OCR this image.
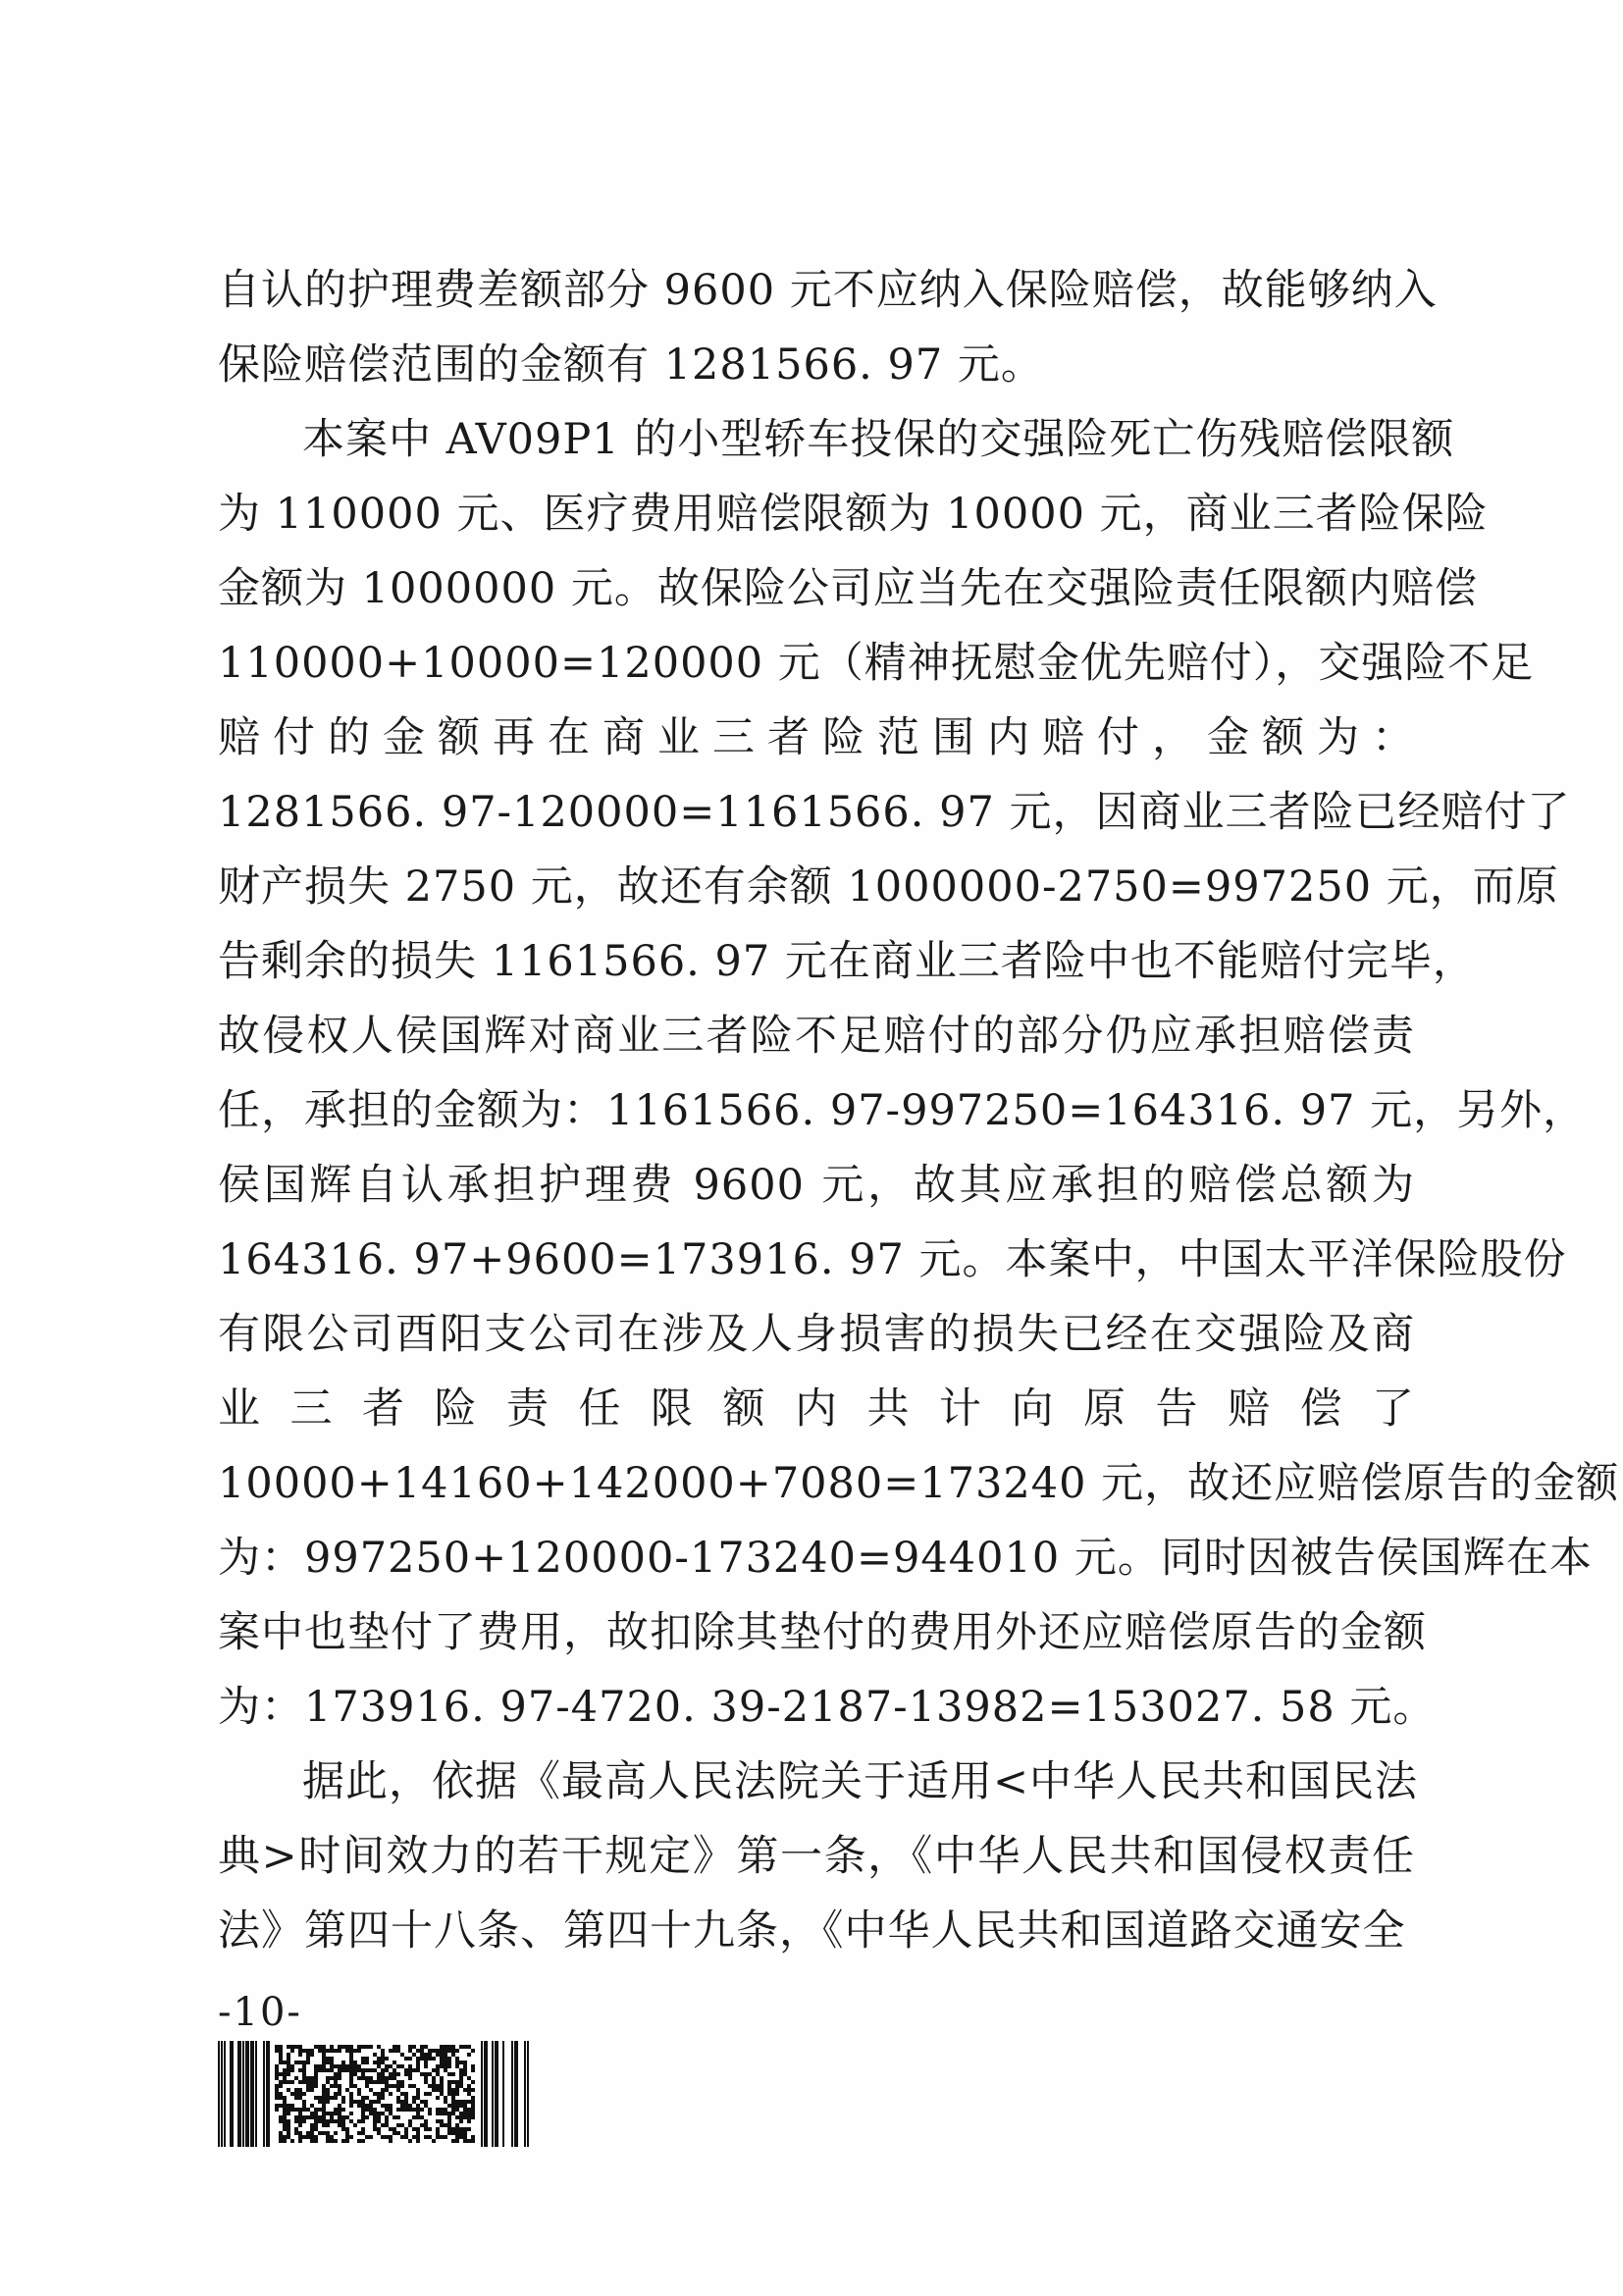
自认的护理费差额部分 9600 元不应纳入保险赔偿，故能够纳入
保险赔偿范围的金额有 1281566. 97 元。
本案中 AV09P1 的小型轿车投保的交强险死亡伤残赔偿限额
为 110000 元、医疗费用赔偿限额为 10000 元，商业三者险保险
金额为 1000000 元。故保险公司应当先在交强险责任限额内赔偿
110000+10000=120000 元（精神抚慰金优先赔付），交强险不足
赔付的金额再在商业三者险范围内赔付，金额为：
1281566. 97-120000=1161566. 97 元，因商业三者险已经赔付了
财产损失 2750 元，故还有余额 1000000-2750=997250 元，而原
告剩余的损失 1161566. 97 元在商业三者险中也不能赔付完毕，
故侵权人侯国辉对商业三者险不足赔付的部分仍应承担赔偿责
任，承担的金额为：1161566. 97-997250=164316. 97 元，另外，
侯国辉自认承担护理费 9600 元，故其应承担的赔偿总额为
164316. 97+9600=173916. 97 元。本案中，中国太平洋保险股份
有限公司酉阳支公司在涉及人身损害的损失已经在交强险及商
业三者险责任限额内共计向原告赔偿了
10000+14160+142000+7080=173240 元，故还应赔偿原告的金额
为：997250+120000-173240=944010 元。同时因被告侯国辉在本
案中也垫付了费用，故扣除其垫付的费用外还应赔偿原告的金额
为：173916. 97-4720. 39-2187-13982=153027. 58 元。
据此，依据《最高人民法院关于适用<中华人民共和国民法
典>时间效力的若干规定》第一条，《中华人民共和国侵权责任
法》第四十八条、第四十九条，《中华人民共和国道路交通安全
-10-
